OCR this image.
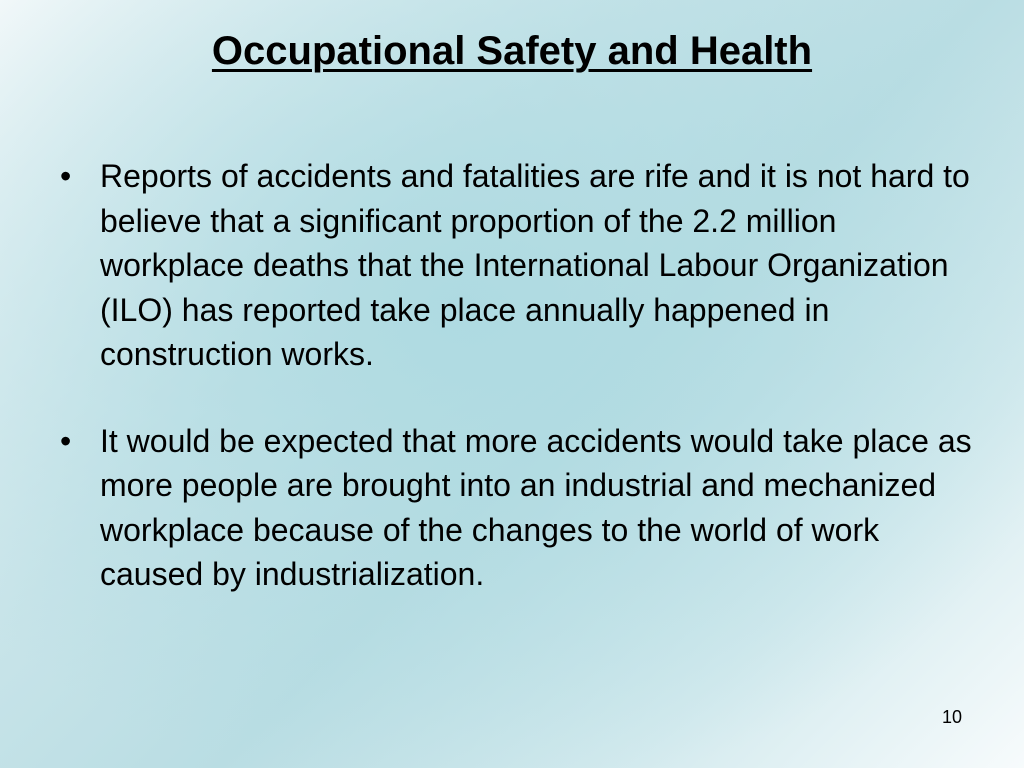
Occupational Safety and Health
• Reports of accidents and fatalities are rife and it is not hard to believe that a significant proportion of the 2.2 million workplace deaths that the International Labour Organization (ILO) has reported take place annually happened in construction works.
• It would be expected that more accidents would take place as more people are brought into an industrial and mechanized workplace because of the changes to the world of work caused by industrialization.
10
